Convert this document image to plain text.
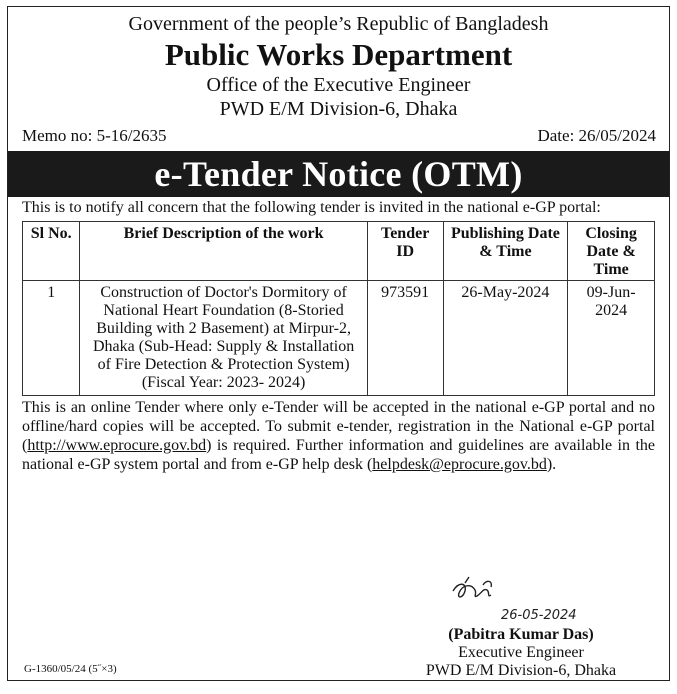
Government of the people’s Republic of Bangladesh
Public Works Department
Office of the Executive Engineer
PWD E/M Division-6, Dhaka
Memo no: 5-16/2635	Date: 26/05/2024
e-Tender Notice (OTM)
This is to notify all concern that the following tender is invited in the national e-GP portal:
Sl No.	Brief Description of the work	Tender ID	Publishing Date & Time	Closing Date & Time
1	Construction of Doctor's Dormitory of National Heart Foundation (8-Storied Building with 2 Basement) at Mirpur-2, Dhaka (Sub-Head: Supply & Installation of Fire Detection & Protection System) (Fiscal Year: 2023- 2024)	973591	26-May-2024	09-Jun-2024
This is an online Tender where only e-Tender will be accepted in the national e-GP portal and no offline/hard copies will be accepted. To submit e-tender, registration in the National e-GP portal (http://www.eprocure.gov.bd) is required. Further information and guidelines are available in the national e-GP system portal and from e-GP help desk (helpdesk@eprocure.gov.bd).
26-05-2024
(Pabitra Kumar Das)
Executive Engineer
PWD E/M Division-6, Dhaka
G-1360/05/24 (5˝×3)
